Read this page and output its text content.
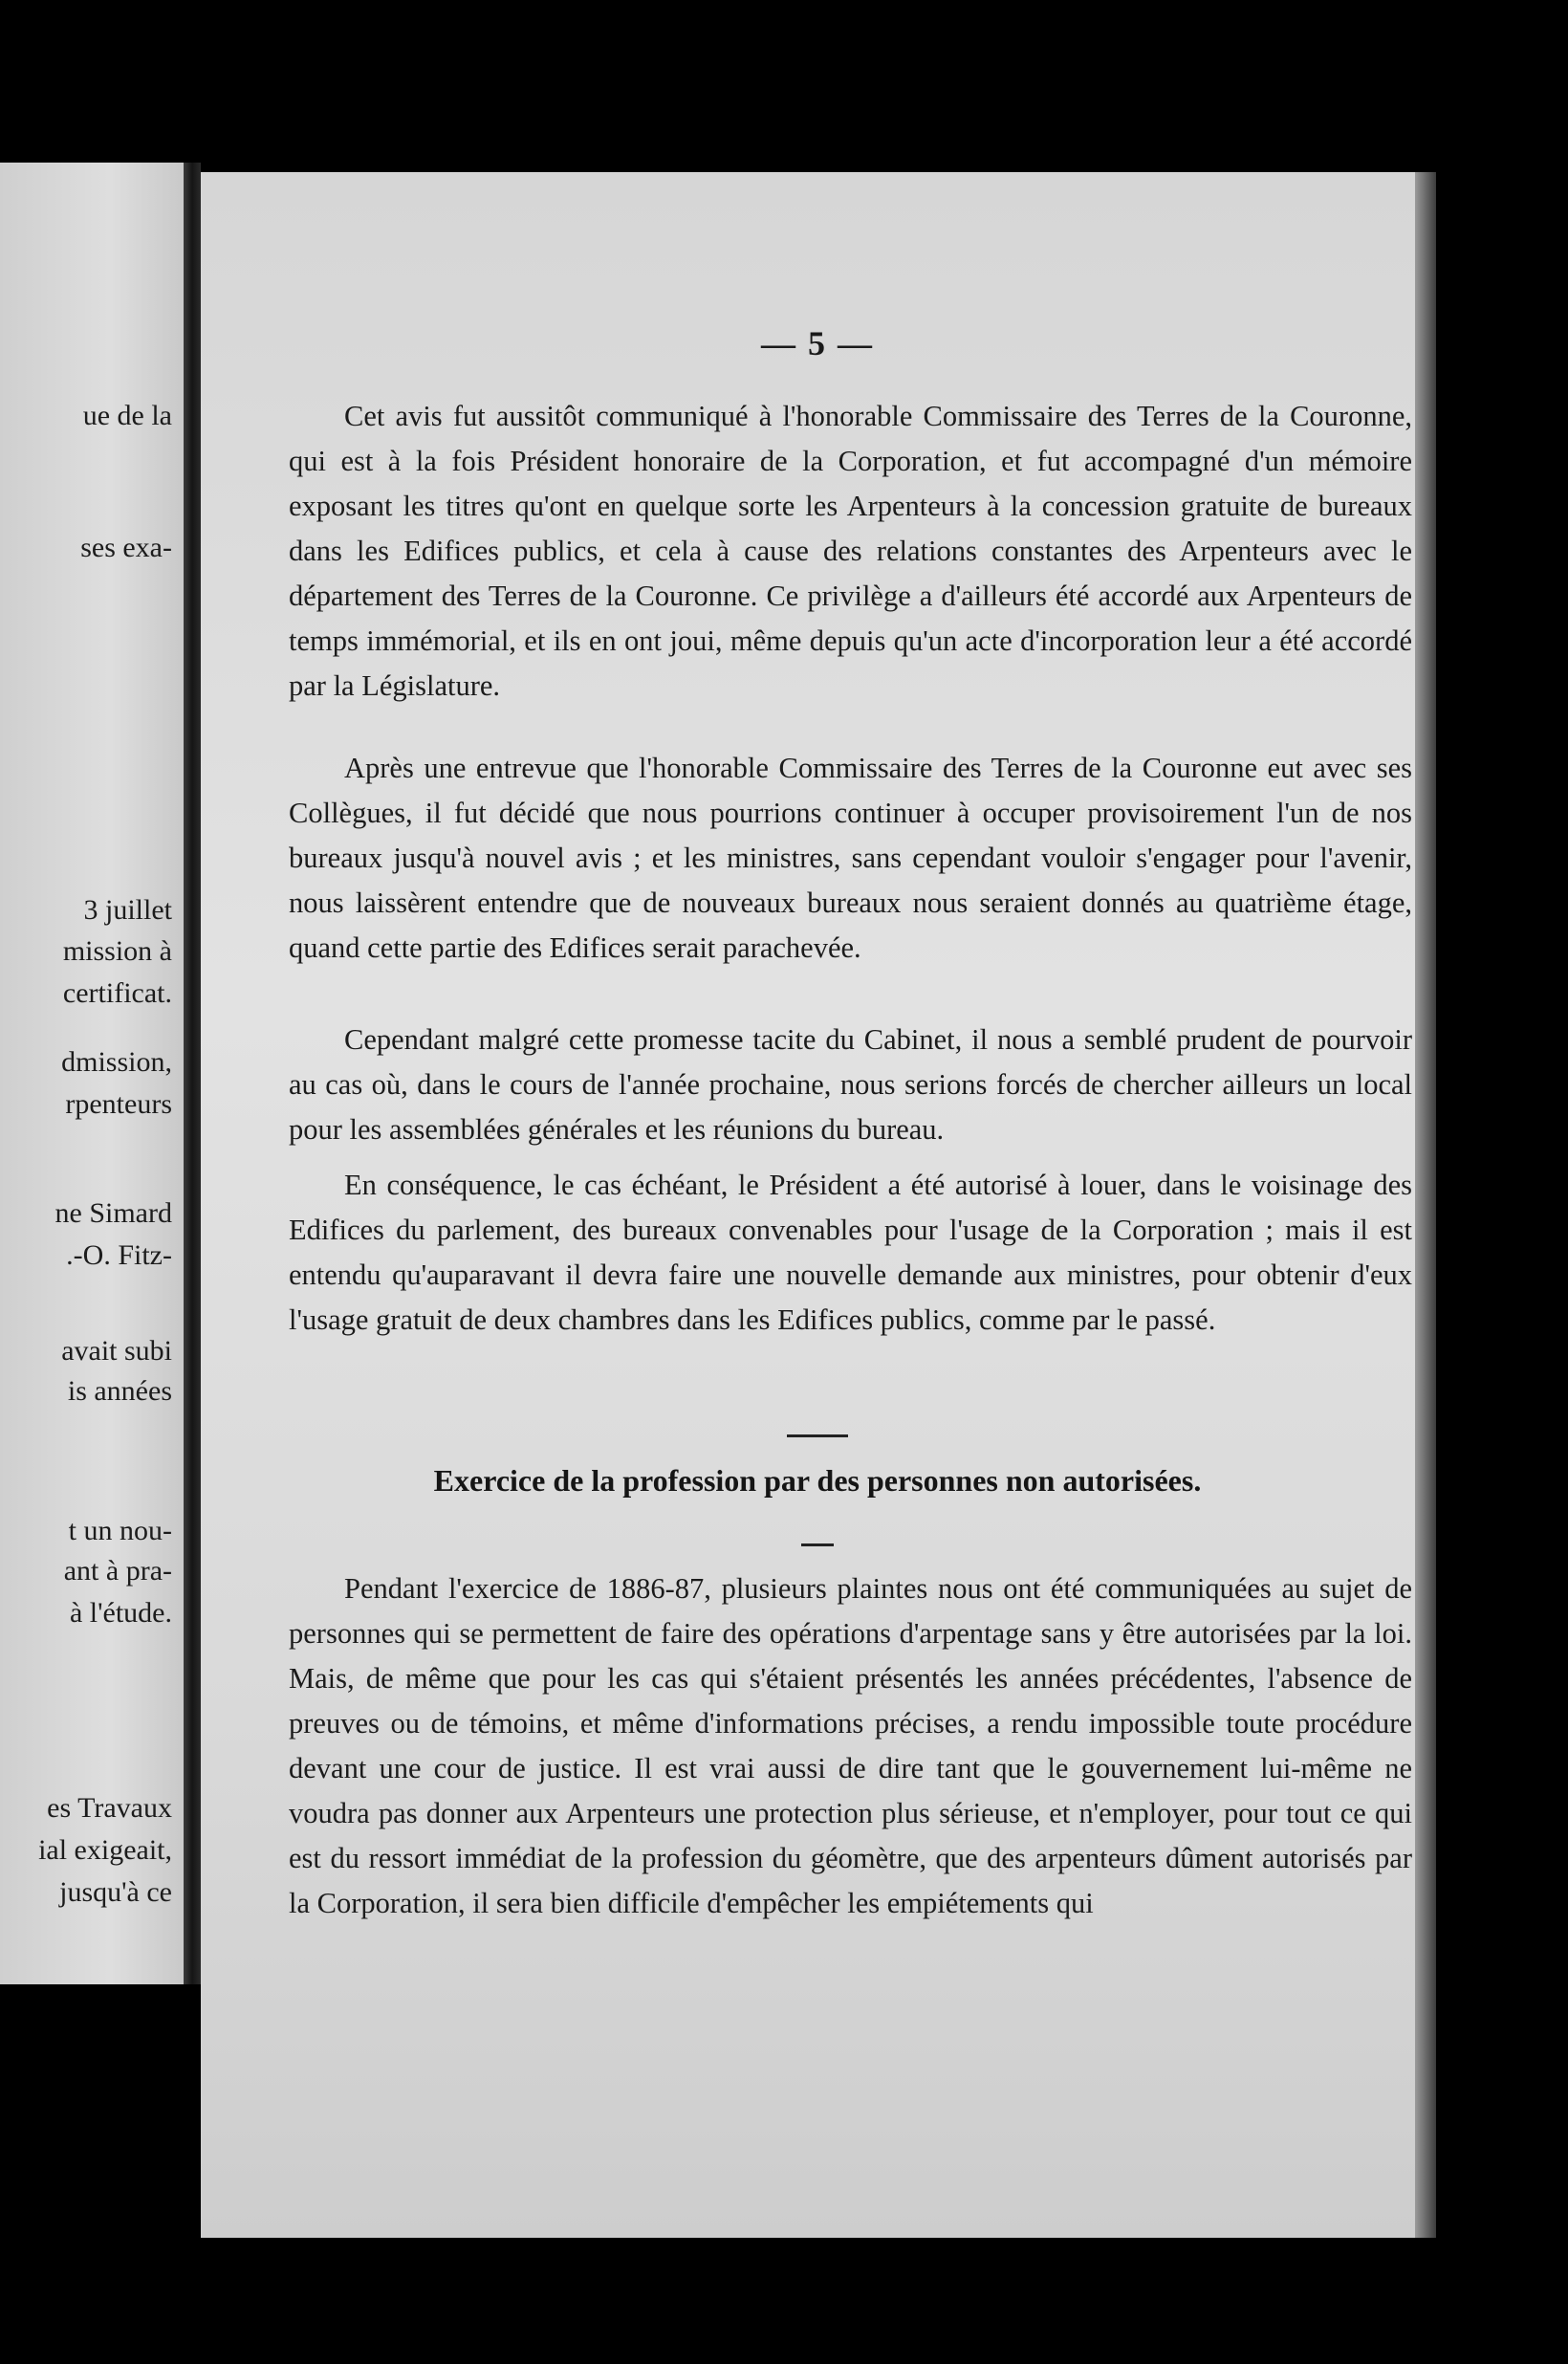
ue de la
ses exa-
3 juillet
mission à
certificat.
dmission,
rpenteurs
ne Simard
.-O. Fitz-
avait subi
is années
t un nou-
ant à pra-
à l'étude.
es Travaux
ial exigeait,
jusqu'à ce
— 5 —

Cet avis fut aussitôt communiqué à l'honorable Commissaire des Terres de la Couronne, qui est à la fois Président honoraire de la Corporation, et fut accompagné d'un mémoire exposant les titres qu'ont en quelque sorte les Arpenteurs à la concession gratuite de bureaux dans les Edifices publics, et cela à cause des relations constantes des Arpenteurs avec le département des Terres de la Couronne. Ce privilège a d'ailleurs été accordé aux Arpenteurs de temps immémorial, et ils en ont joui, même depuis qu'un acte d'incorporation leur a été accordé par la Législature.

Après une entrevue que l'honorable Commissaire des Terres de la Couronne eut avec ses Collègues, il fut décidé que nous pourrions continuer à occuper provisoirement l'un de nos bureaux jusqu'à nouvel avis ; et les ministres, sans cependant vouloir s'engager pour l'avenir, nous laissèrent entendre que de nouveaux bureaux nous seraient donnés au quatrième étage, quand cette partie des Edifices serait parachevée.

Cependant malgré cette promesse tacite du Cabinet, il nous a semblé prudent de pourvoir au cas où, dans le cours de l'année prochaine, nous serions forcés de chercher ailleurs un local pour les assemblées générales et les réunions du bureau.

En conséquence, le cas échéant, le Président a été autorisé à louer, dans le voisinage des Edifices du parlement, des bureaux convenables pour l'usage de la Corporation ; mais il est entendu qu'auparavant il devra faire une nouvelle demande aux ministres, pour obtenir d'eux l'usage gratuit de deux chambres dans les Edifices publics, comme par le passé.

Exercice de la profession par des personnes non autorisées.

Pendant l'exercice de 1886-87, plusieurs plaintes nous ont été communiquées au sujet de personnes qui se permettent de faire des opérations d'arpentage sans y être autorisées par la loi. Mais, de même que pour les cas qui s'étaient présentés les années précédentes, l'absence de preuves ou de témoins, et même d'informations précises, a rendu impossible toute procédure devant une cour de justice. Il est vrai aussi de dire tant que le gouvernement lui-même ne voudra pas donner aux Arpenteurs une protection plus sérieuse, et n'employer, pour tout ce qui est du ressort immédiat de la profession du géomètre, que des arpenteurs dûment autorisés par la Corporation, il sera bien difficile d'empêcher les empiétements qui
